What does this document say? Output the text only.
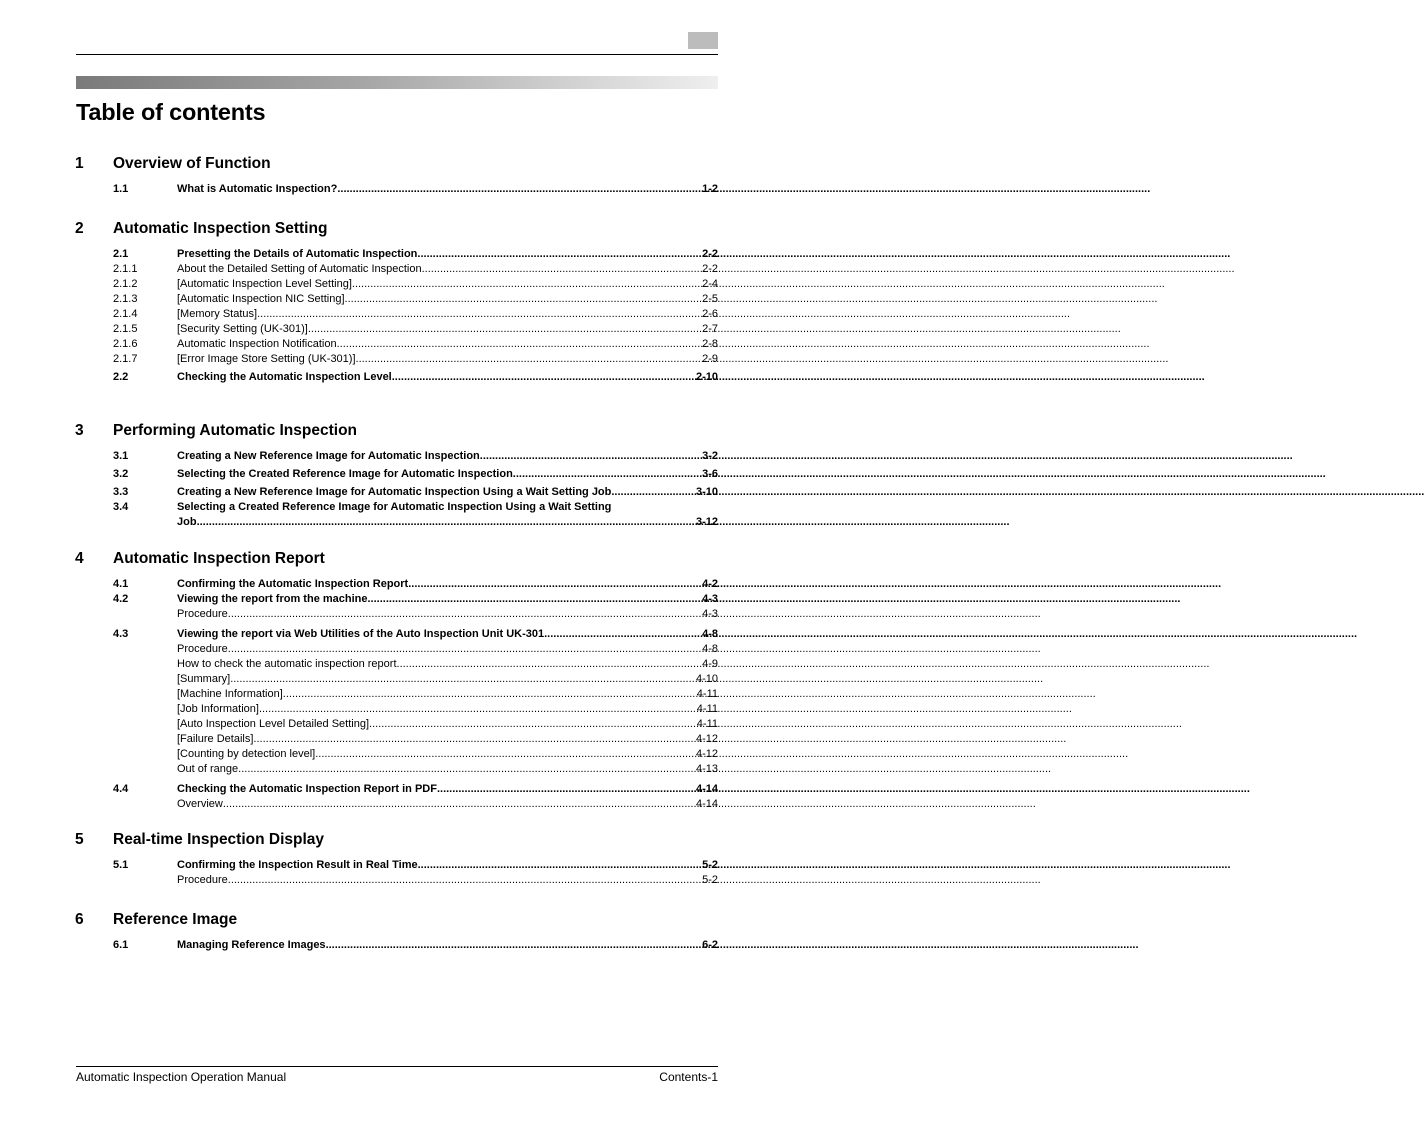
Table of contents
1 Overview of Function
1.1	What is Automatic Inspection? .....	1-2
2 Automatic Inspection Setting
2.1	Presetting the Details of Automatic Inspection .....	2-2
2.1.1	About the Detailed Setting of Automatic Inspection .....	2-2
2.1.2	[Automatic Inspection Level Setting] .....	2-4
2.1.3	[Automatic Inspection NIC Setting] .....	2-5
2.1.4	[Memory Status] .....	2-6
2.1.5	[Security Setting (UK-301)] .....	2-7
2.1.6	Automatic Inspection Notification .....	2-8
2.1.7	[Error Image Store Setting (UK-301)] .....	2-9
2.2	Checking the Automatic Inspection Level .....	2-10
3 Performing Automatic Inspection
3.1	Creating a New Reference Image for Automatic Inspection .....	3-2
3.2	Selecting the Created Reference Image for Automatic Inspection .....	3-6
3.3	Creating a New Reference Image for Automatic Inspection Using a Wait Setting Job .....	3-10
3.4	Selecting a Created Reference Image for Automatic Inspection Using a Wait Setting
Job .....	3-12
4 Automatic Inspection Report
4.1	Confirming the Automatic Inspection Report .....	4-2
4.2	Viewing the report from the machine .....	4-3
Procedure .....	4-3
4.3	Viewing the report via Web Utilities of the Auto Inspection Unit UK-301 .....	4-8
Procedure .....	4-8
How to check the automatic inspection report .....	4-9
[Summary] .....	4-10
[Machine Information] .....	4-11
[Job Information] .....	4-11
[Auto Inspection Level Detailed Setting] .....	4-11
[Failure Details] .....	4-12
[Counting by detection level] .....	4-12
Out of range .....	4-13
4.4	Checking the Automatic Inspection Report in PDF .....	4-14
Overview .....	4-14
5 Real-time Inspection Display
5.1	Confirming the Inspection Result in Real Time .....	5-2
Procedure .....	5-2
6 Reference Image
6.1	Managing Reference Images .....	6-2
Automatic Inspection Operation Manual	Contents-1
